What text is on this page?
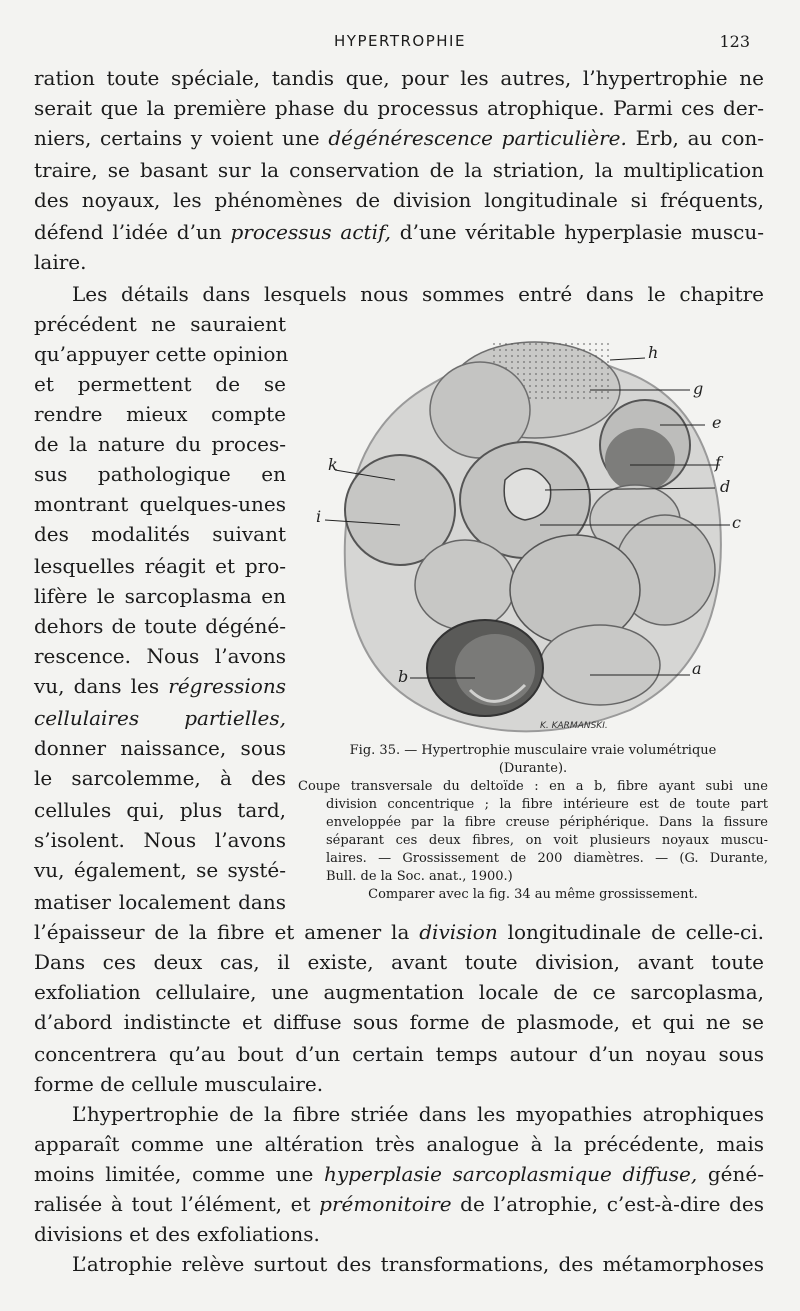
HYPERTROPHIE	123
ration toute spéciale, tandis que, pour les autres, l’hypertrophie ne
serait que la première phase du processus atrophique. Parmi ces der-
niers, certains y voient une dégénérescence particulière. Erb, au con-
traire, se basant sur la conservation de la striation, la multiplication
des noyaux, les phénomènes de division longitudinale si fréquents,
défend l’idée d’un processus actif, d’une véritable hyperplasie muscu-
laire.
Les détails dans lesquels nous sommes entré dans le chapitre
précédent ne sauraient
qu’appuyer cette opinion
et permettent de se
rendre mieux compte
de la nature du proces-
sus pathologique en
montrant quelques-unes
des modalités suivant
lesquelles réagit et pro-
lifère le sarcoplasma en
dehors de toute dégéné-
rescence. Nous l’avons
vu, dans les régressions
cellulaires partielles,
donner naissance, sous
le sarcolemme, à des
cellules qui, plus tard,
s’isolent. Nous l’avons
vu, également, se systé-
matiser localement dans
h
g
e
f
d
c
k
i
b	a
K. KARMANSKI.
Fig. 35. — Hypertrophie musculaire vraie volumétrique
(Durante).
Coupe transversale du deltoïde : en a b, fibre ayant subi une
division concentrique ; la fibre intérieure est de toute part
enveloppée par la fibre creuse périphérique. Dans la fissure
séparant ces deux fibres, on voit plusieurs noyaux muscu-
laires. — Grossissement de 200 diamètres. — (G. Durante,
Bull. de la Soc. anat., 1900.)
Comparer avec la fig. 34 au même grossissement.
l’épaisseur de la fibre et amener la division longitudinale de celle-ci.
Dans ces deux cas, il existe, avant toute division, avant toute
exfoliation cellulaire, une augmentation locale de ce sarcoplasma,
d’abord indistincte et diffuse sous forme de plasmode, et qui ne se
concentrera qu’au bout d’un certain temps autour d’un noyau sous
forme de cellule musculaire.
L’hypertrophie de la fibre striée dans les myopathies atrophiques
apparaît comme une altération très analogue à la précédente, mais
moins limitée, comme une hyperplasie sarcoplasmique diffuse, géné-
ralisée à tout l’élément, et prémonitoire de l’atrophie, c’est-à-dire des
divisions et des exfoliations.
L’atrophie relève surtout des transformations, des métamorphoses
